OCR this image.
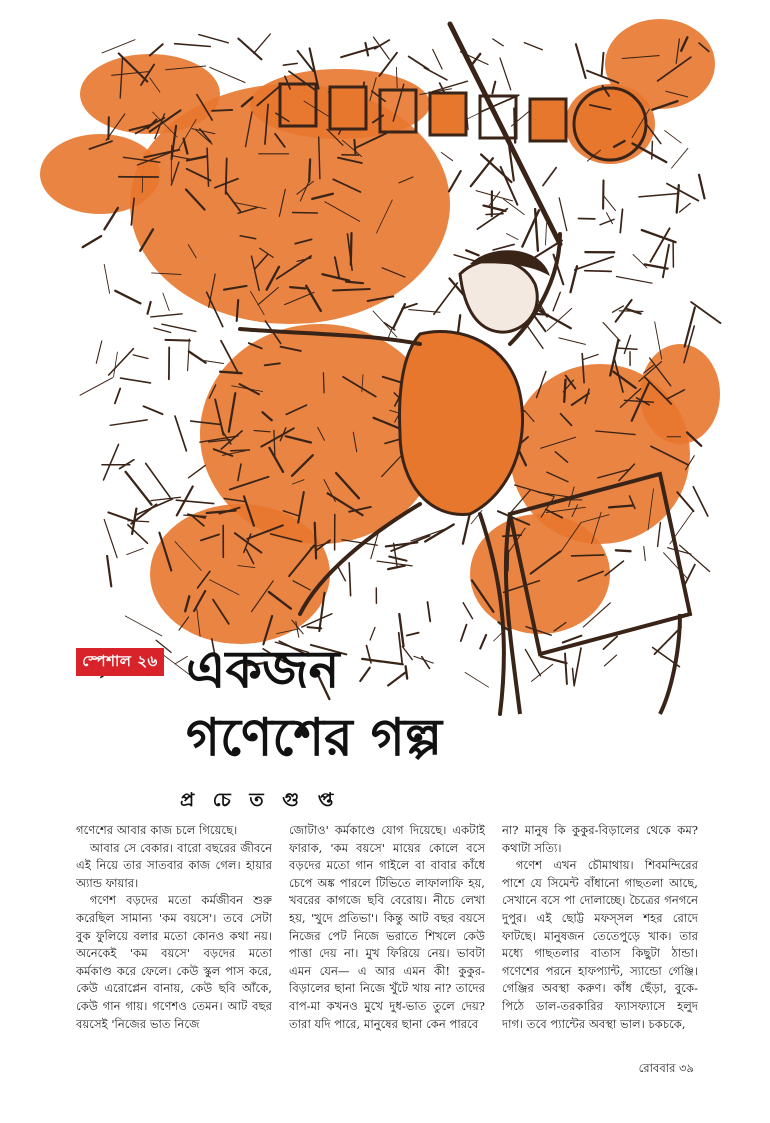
স্পেশাল ২৬ একজন
গণেশের গল্প
প্র চে ত গু প্ত

গণেশের আবার কাজ চলে গিয়েছে।

আবার সে বেকার। বারো বছরের জীবনে এই নিয়ে তার সাতবার কাজ গেল। হায়ার অ্যান্ড ফায়ার।

গণেশ বড়দের মতো কর্মজীবন শুরু করেছিল সামান্য 'কম বয়সে'। তবে সেটা বুক ফুলিয়ে বলার মতো কোনও কথা নয়। অনেকেই 'কম বয়সে' বড়দের মতো কর্মকাণ্ড করে ফেলে। কেউ স্কুল পাস করে, কেউ এরোপ্লেন বানায়, কেউ ছবি আঁকে, কেউ গান গায়। গণেশও তেমন। আট বছর বয়সেই 'নিজের ভাত নিজে

জোটাও' কর্মকাণ্ডে যোগ দিয়েছে। একটাই ফারাক, 'কম বয়সে' মায়ের কোলে বসে বড়দের মতো গান গাইলে বা বাবার কাঁধে চেপে অঙ্ক পারলে টিভিতে লাফালাফি হয়, খবরের কাগজে ছবি বেরোয়। নীচে লেখা হয়, 'খুদে প্রতিভা'। কিন্তু আট বছর বয়সে নিজের পেট নিজে ভরাতে শিখলে কেউ পাত্তা দেয় না। মুখ ফিরিয়ে নেয়। ভাবটা এমন যেন— এ আর এমন কী! কুকুর-বিড়ালের ছানা নিজে খুঁটে খায় না? তাদের বাপ-মা কখনও মুখে দুধ-ভাত তুলে দেয়? তারা যদি পারে, মানুষের ছানা কেন পারবে

না? মানুষ কি কুকুর-বিড়ালের থেকে কম? কথাটা সত্যি।

গণেশ এখন চৌমাথায়। শিবমন্দিরের পাশে যে সিমেন্ট বাঁধানো গাছতলা আছে, সেখানে বসে পা দোলাচ্ছে। চৈত্রের গনগনে দুপুর। এই ছোট্ট মফস্সল শহর রোদে ফাটছে। মানুষজন তেতেপুড়ে খাক। তার মধ্যে গাছতলার বাতাস কিছুটা ঠান্ডা। গণেশের পরনে হাফপ্যান্ট, স্যান্ডো গেঞ্জি। গেঞ্জির অবস্থা করুণ। কাঁধ ছেঁড়া, বুকে-পিঠে ডাল-তরকারির ফ্যাসফ্যাসে হলুদ দাগ। তবে প্যান্টের অবস্থা ভাল। চকচকে,

রোববার ৩৯
